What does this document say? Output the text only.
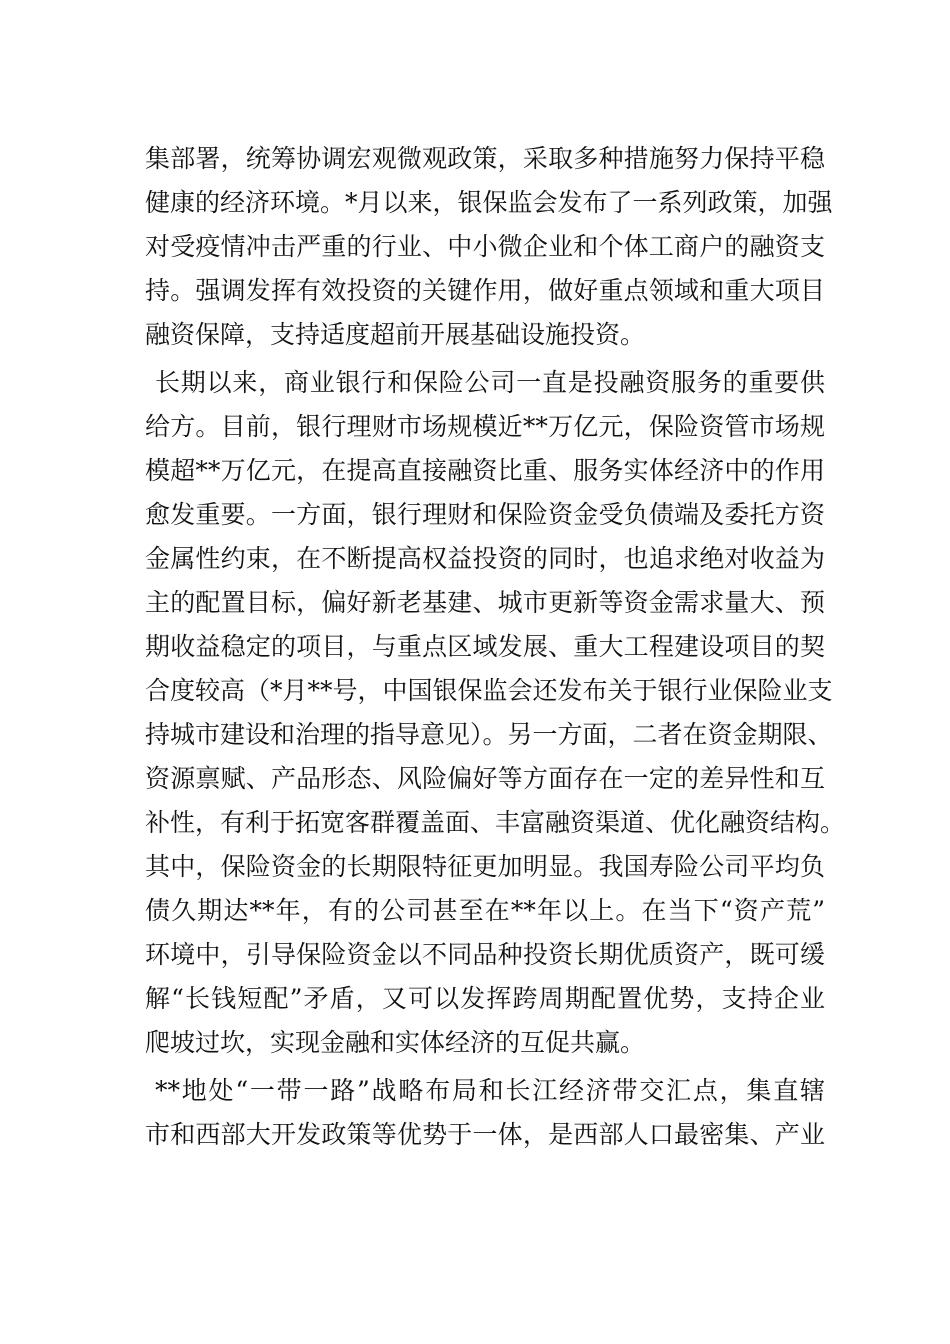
集部署，统筹协调宏观微观政策，采取多种措施努力保持平稳
健康的经济环境。*月以来，银保监会发布了一系列政策，加强
对受疫情冲击严重的行业、中小微企业和个体工商户的融资支
持。强调发挥有效投资的关键作用，做好重点领域和重大项目
融资保障，支持适度超前开展基础设施投资。
长期以来，商业银行和保险公司一直是投融资服务的重要供
给方。目前，银行理财市场规模近**万亿元，保险资管市场规
模超**万亿元，在提高直接融资比重、服务实体经济中的作用
愈发重要。一方面，银行理财和保险资金受负债端及委托方资
金属性约束，在不断提高权益投资的同时，也追求绝对收益为
主的配置目标，偏好新老基建、城市更新等资金需求量大、预
期收益稳定的项目，与重点区域发展、重大工程建设项目的契
合度较高（*月**号，中国银保监会还发布关于银行业保险业支
持城市建设和治理的指导意见）。另一方面，二者在资金期限、
资源禀赋、产品形态、风险偏好等方面存在一定的差异性和互
补性，有利于拓宽客群覆盖面、丰富融资渠道、优化融资结构。
其中，保险资金的长期限特征更加明显。我国寿险公司平均负
债久期达**年，有的公司甚至在**年以上。在当下“资产荒”
环境中，引导保险资金以不同品种投资长期优质资产，既可缓
解“长钱短配”矛盾，又可以发挥跨周期配置优势，支持企业
爬坡过坎，实现金融和实体经济的互促共赢。
**地处“一带一路”战略布局和长江经济带交汇点，集直辖
市和西部大开发政策等优势于一体，是西部人口最密集、产业
